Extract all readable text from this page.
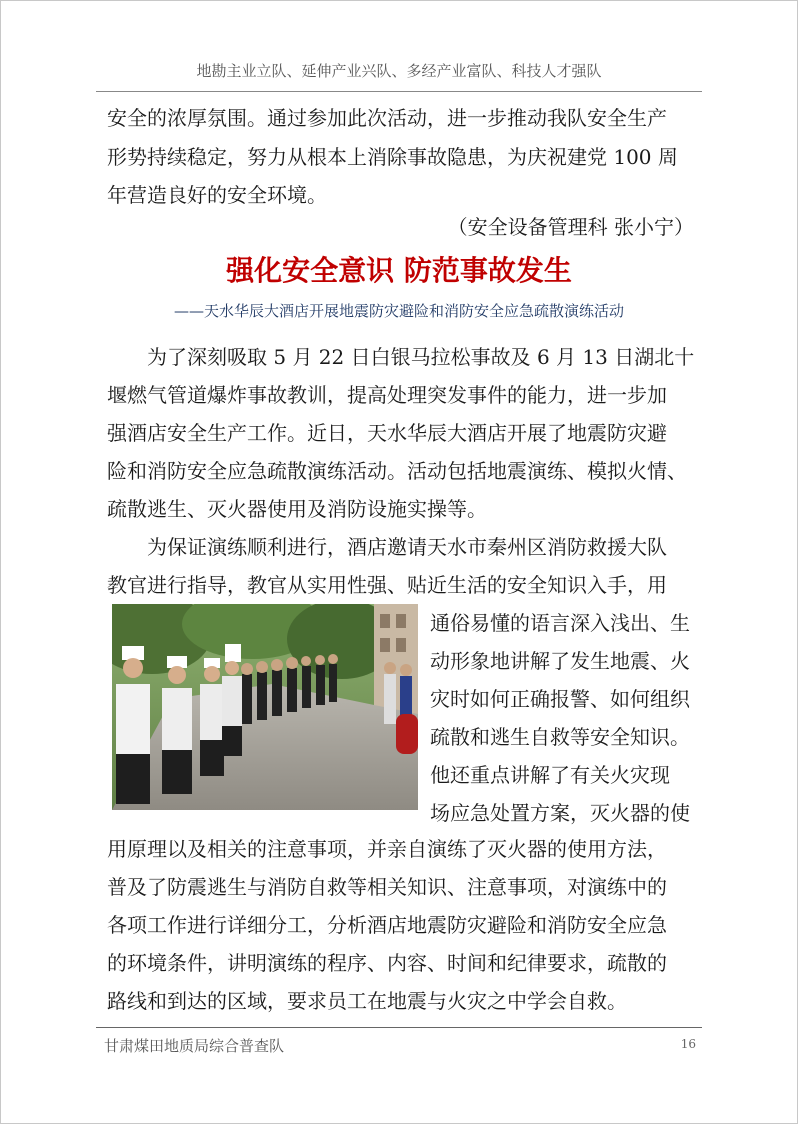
地勘主业立队、延伸产业兴队、多经产业富队、科技人才强队
安全的浓厚氛围。通过参加此次活动，进一步推动我队安全生产
形势持续稳定，努力从根本上消除事故隐患，为庆祝建党 100 周
年营造良好的安全环境。
（安全设备管理科 张小宁）
强化安全意识 防范事故发生
——天水华辰大酒店开展地震防灾避险和消防安全应急疏散演练活动
　　为了深刻吸取 5 月 22 日白银马拉松事故及 6 月 13 日湖北十
堰燃气管道爆炸事故教训，提高处理突发事件的能力，进一步加
强酒店安全生产工作。近日，天水华辰大酒店开展了地震防灾避
险和消防安全应急疏散演练活动。活动包括地震演练、模拟火情、
疏散逃生、灭火器使用及消防设施实操等。
　　为保证演练顺利进行，酒店邀请天水市秦州区消防救援大队
教官进行指导，教官从实用性强、贴近生活的安全知识入手，用
通俗易懂的语言深入浅出、生
动形象地讲解了发生地震、火
灾时如何正确报警、如何组织
疏散和逃生自救等安全知识。
他还重点讲解了有关火灾现
场应急处置方案，灭火器的使
用原理以及相关的注意事项，并亲自演练了灭火器的使用方法，
普及了防震逃生与消防自救等相关知识、注意事项，对演练中的
各项工作进行详细分工，分析酒店地震防灾避险和消防安全应急
的环境条件，讲明演练的程序、内容、时间和纪律要求，疏散的
路线和到达的区域，要求员工在地震与火灾之中学会自救。
甘肃煤田地质局综合普查队	16
